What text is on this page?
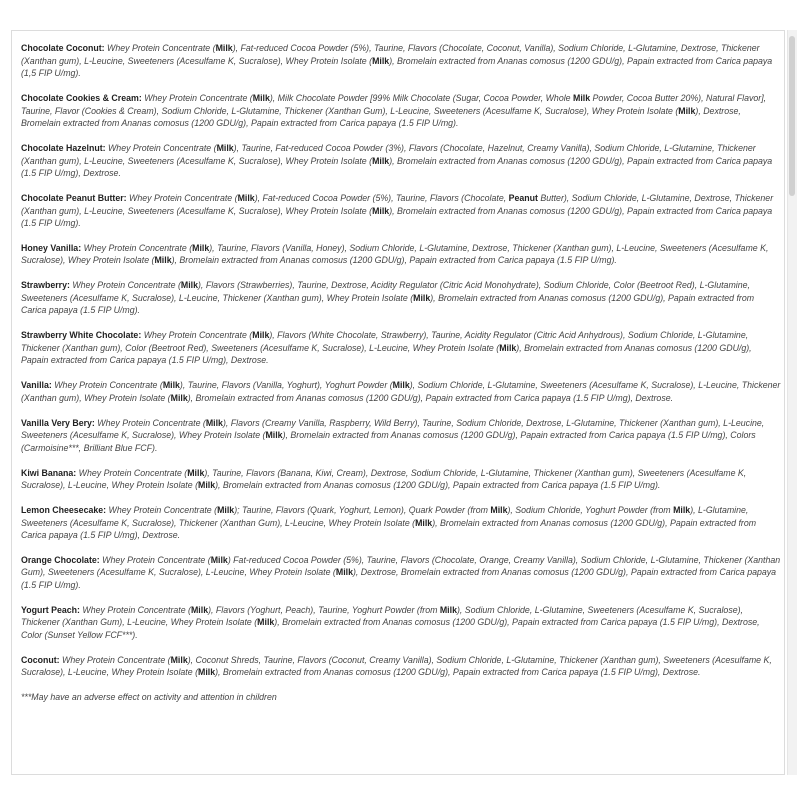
Chocolate Coconut: Whey Protein Concentrate (Milk), Fat-reduced Cocoa Powder (5%), Taurine, Flavors (Chocolate, Coconut, Vanilla), Sodium Chloride, L-Glutamine, Dextrose, Thickener (Xanthan gum), L-Leucine, Sweeteners (Acesulfame K, Sucralose), Whey Protein Isolate (Milk), Bromelain extracted from Ananas comosus (1200 GDU/g), Papain extracted from Carica papaya (1,5 FIP U/mg).
Chocolate Cookies & Cream: Whey Protein Concentrate (Milk), Milk Chocolate Powder [99% Milk Chocolate (Sugar, Cocoa Powder, Whole Milk Powder, Cocoa Butter 20%), Natural Flavor], Taurine, Flavor (Cookies & Cream), Sodium Chloride, L-Glutamine, Thickener (Xanthan Gum), L-Leucine, Sweeteners (Acesulfame K, Sucralose), Whey Protein Isolate (Milk), Dextrose, Bromelain extracted from Ananas comosus (1200 GDU/g), Papain extracted from Carica papaya (1.5 FIP U/mg).
Chocolate Hazelnut: Whey Protein Concentrate (Milk), Taurine, Fat-reduced Cocoa Powder (3%), Flavors (Chocolate, Hazelnut, Creamy Vanilla), Sodium Chloride, L-Glutamine, Thickener (Xanthan gum), L-Leucine, Sweeteners (Acesulfame K, Sucralose), Whey Protein Isolate (Milk), Bromelain extracted from Ananas comosus (1200 GDU/g), Papain extracted from Carica papaya (1.5 FIP U/mg), Dextrose.
Chocolate Peanut Butter: Whey Protein Concentrate (Milk), Fat-reduced Cocoa Powder (5%), Taurine, Flavors (Chocolate, Peanut Butter), Sodium Chloride, L-Glutamine, Dextrose, Thickener (Xanthan gum), L-Leucine, Sweeteners (Acesulfame K, Sucralose), Whey Protein Isolate (Milk), Bromelain extracted from Ananas comosus (1200 GDU/g), Papain extracted from Carica papaya (1.5 FIP U/mg).
Honey Vanilla: Whey Protein Concentrate (Milk), Taurine, Flavors (Vanilla, Honey), Sodium Chloride, L-Glutamine, Dextrose, Thickener (Xanthan gum), L-Leucine, Sweeteners (Acesulfame K, Sucralose), Whey Protein Isolate (Milk), Bromelain extracted from Ananas comosus (1200 GDU/g), Papain extracted from Carica papaya (1.5 FIP U/mg).
Strawberry: Whey Protein Concentrate (Milk), Flavors (Strawberries), Taurine, Dextrose, Acidity Regulator (Citric Acid Monohydrate), Sodium Chloride, Color (Beetroot Red), L-Glutamine, Sweeteners (Acesulfame K, Sucralose), L-Leucine, Thickener (Xanthan gum), Whey Protein Isolate (Milk), Bromelain extracted from Ananas comosus (1200 GDU/g), Papain extracted from Carica papaya (1.5 FIP U/mg).
Strawberry White Chocolate: Whey Protein Concentrate (Milk), Flavors (White Chocolate, Strawberry), Taurine, Acidity Regulator (Citric Acid Anhydrous), Sodium Chloride, L-Glutamine, Thickener (Xanthan gum), Color (Beetroot Red), Sweeteners (Acesulfame K, Sucralose), L-Leucine, Whey Protein Isolate (Milk), Bromelain extracted from Ananas comosus (1200 GDU/g), Papain extracted from Carica papaya (1.5 FIP U/mg), Dextrose.
Vanilla: Whey Protein Concentrate (Milk), Taurine, Flavors (Vanilla, Yoghurt), Yoghurt Powder (Milk), Sodium Chloride, L-Glutamine, Sweeteners (Acesulfame K, Sucralose), L-Leucine, Thickener (Xanthan gum), Whey Protein Isolate (Milk), Bromelain extracted from Ananas comosus (1200 GDU/g), Papain extracted from Carica papaya (1.5 FIP U/mg), Dextrose.
Vanilla Very Bery: Whey Protein Concentrate (Milk), Flavors (Creamy Vanilla, Raspberry, Wild Berry), Taurine, Sodium Chloride, Dextrose, L-Glutamine, Thickener (Xanthan gum), L-Leucine, Sweeteners (Acesulfame K, Sucralose), Whey Protein Isolate (Milk), Bromelain extracted from Ananas comosus (1200 GDU/g), Papain extracted from Carica papaya (1.5 FIP U/mg), Colors (Carmoisine***, Brilliant Blue FCF).
Kiwi Banana: Whey Protein Concentrate (Milk), Taurine, Flavors (Banana, Kiwi, Cream), Dextrose, Sodium Chloride, L-Glutamine, Thickener (Xanthan gum), Sweeteners (Acesulfame K, Sucralose), L-Leucine, Whey Protein Isolate (Milk), Bromelain extracted from Ananas comosus (1200 GDU/g), Papain extracted from Carica papaya (1.5 FIP U/mg).
Lemon Cheesecake: Whey Protein Concentrate (Milk); Taurine, Flavors (Quark, Yoghurt, Lemon), Quark Powder (from Milk), Sodium Chloride, Yoghurt Powder (from Milk), L-Glutamine, Sweeteners (Acesulfame K, Sucralose), Thickener (Xanthan Gum), L-Leucine, Whey Protein Isolate (Milk), Bromelain extracted from Ananas comosus (1200 GDU/g), Papain extracted from Carica papaya (1.5 FIP U/mg), Dextrose.
Orange Chocolate: Whey Protein Concentrate (Milk) Fat-reduced Cocoa Powder (5%), Taurine, Flavors (Chocolate, Orange, Creamy Vanilla), Sodium Chloride, L-Glutamine, Thickener (Xanthan Gum), Sweeteners (Acesulfame K, Sucralose), L-Leucine, Whey Protein Isolate (Milk), Dextrose, Bromelain extracted from Ananas comosus (1200 GDU/g), Papain extracted from Carica papaya (1.5 FIP U/mg).
Yogurt Peach: Whey Protein Concentrate (Milk), Flavors (Yoghurt, Peach), Taurine, Yoghurt Powder (from Milk), Sodium Chloride, L-Glutamine, Sweeteners (Acesulfame K, Sucralose), Thickener (Xanthan Gum), L-Leucine, Whey Protein Isolate (Milk), Bromelain extracted from Ananas comosus (1200 GDU/g), Papain extracted from Carica papaya (1.5 FIP U/mg), Dextrose, Color (Sunset Yellow FCF***).
Coconut: Whey Protein Concentrate (Milk), Coconut Shreds, Taurine, Flavors (Coconut, Creamy Vanilla), Sodium Chloride, L-Glutamine, Thickener (Xanthan gum), Sweeteners (Acesulfame K, Sucralose), L-Leucine, Whey Protein Isolate (Milk), Bromelain extracted from Ananas comosus (1200 GDU/g), Papain extracted from Carica papaya (1.5 FIP U/mg), Dextrose.
***May have an adverse effect on activity and attention in children
